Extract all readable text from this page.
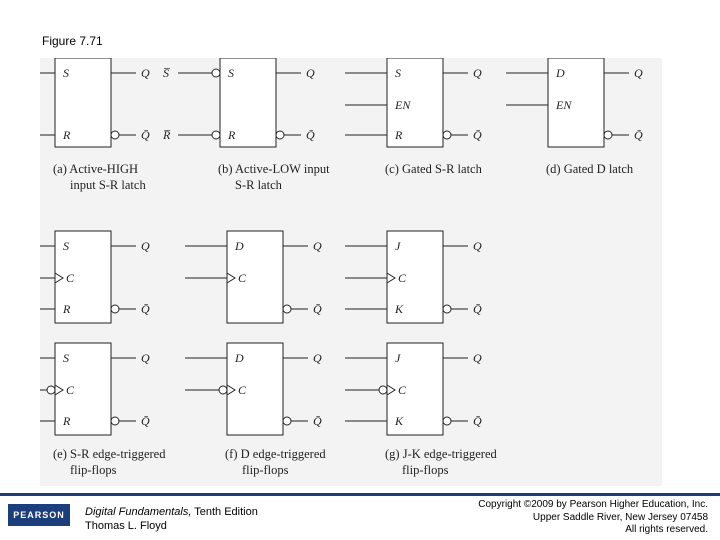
Figure 7.71
S
R
Q
Q̄
(a) Active-HIGH
input S-R latch
S̅	S
R̅	R
Q
Q̄
(b) Active-LOW input
S-R latch
S
EN
R
Q
Q̄
(c) Gated S-R latch
D
EN
Q
Q̄
(d) Gated D latch
S
C
R
Q
Q̄
S
C
R
Q
Q̄
(e) S-R edge-triggered
flip-flops
D
C
Q
Q̄
D
C
Q
Q̄
(f) D edge-triggered
flip-flops
J
C
K
Q
Q̄
J
C
K
Q
Q̄
(g) J-K edge-triggered
flip-flops
PEARSON	Digital Fundamentals, Tenth Edition
Thomas L. Floyd
Copyright ©2009 by Pearson Higher Education, Inc.
Upper Saddle River, New Jersey 07458
All rights reserved.
